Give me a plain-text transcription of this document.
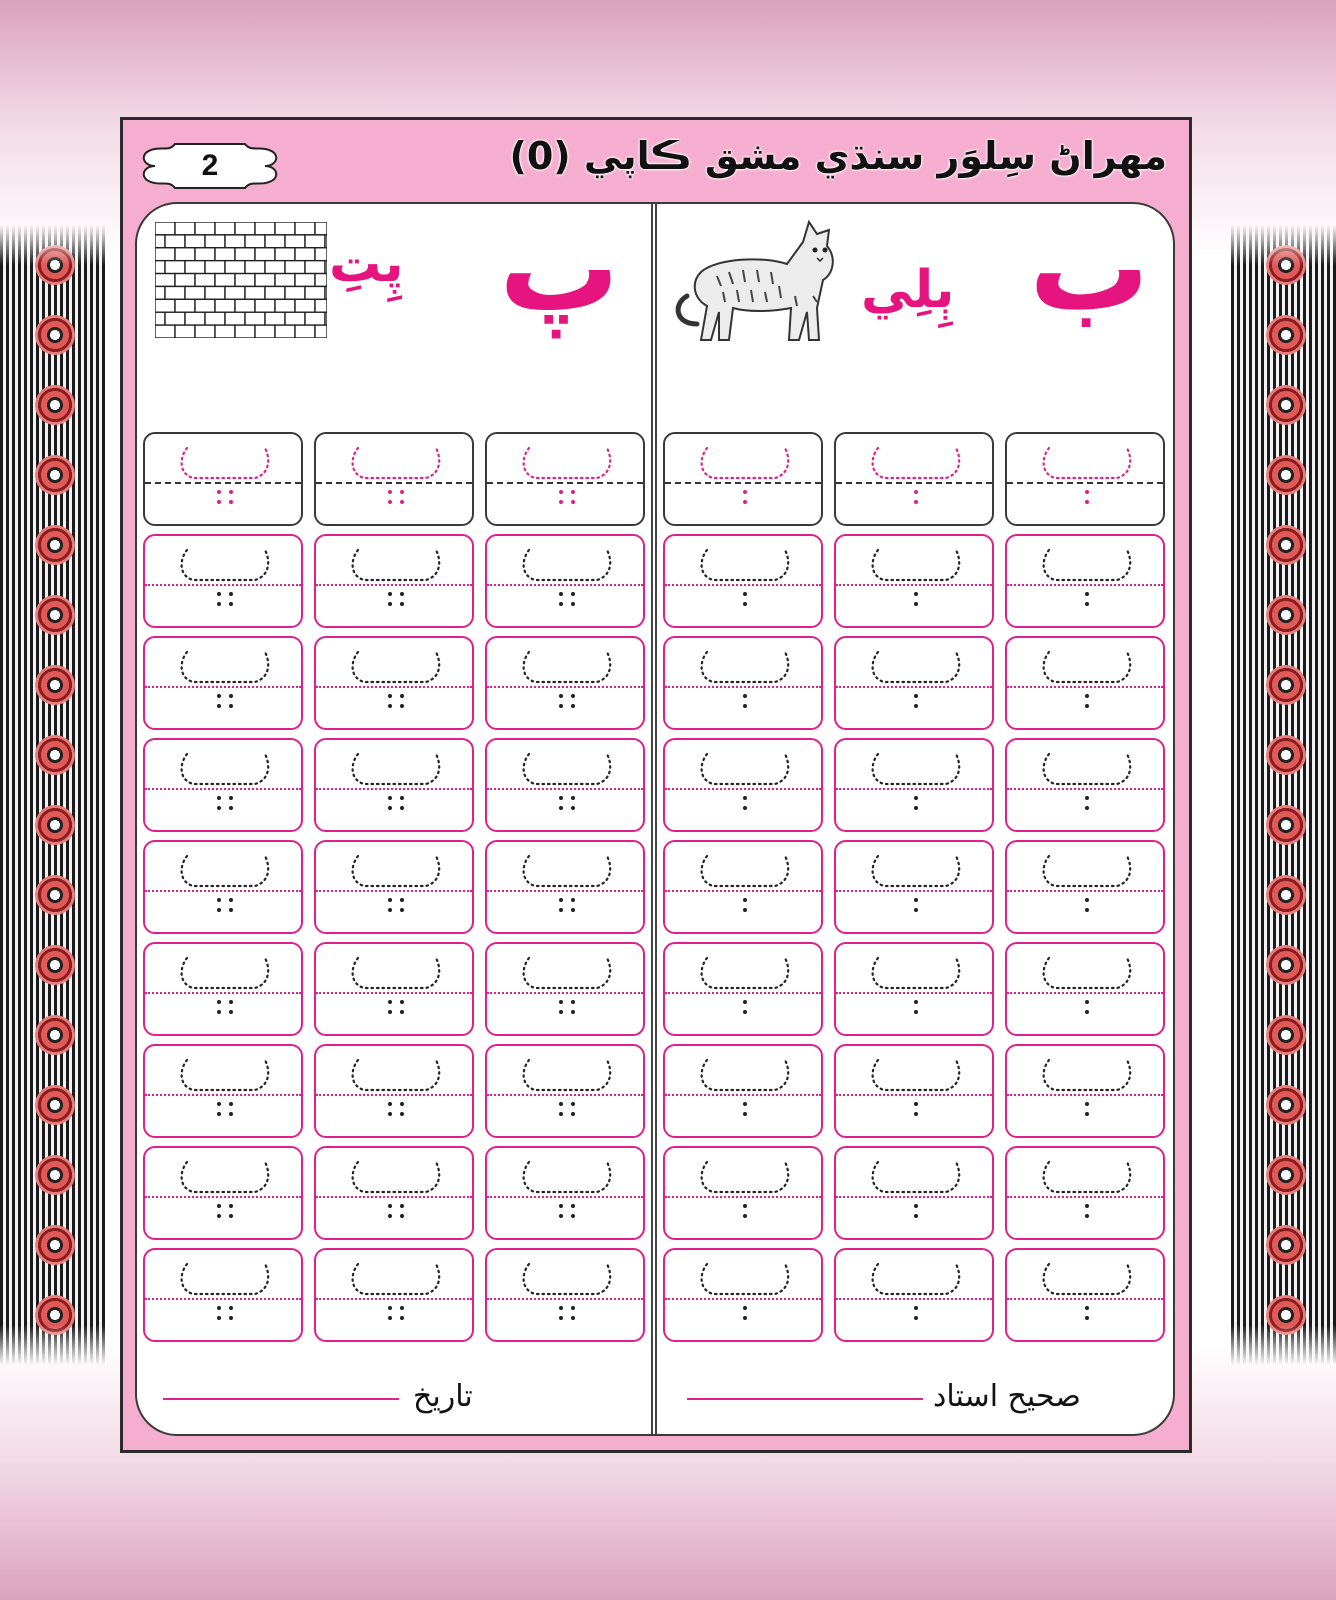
مهراڻ سِلوَر سنڌي مشق ڪاپي (0)
2
پِتِ پ
تاريخ
ٻِلِي ب
صحيح استاد
